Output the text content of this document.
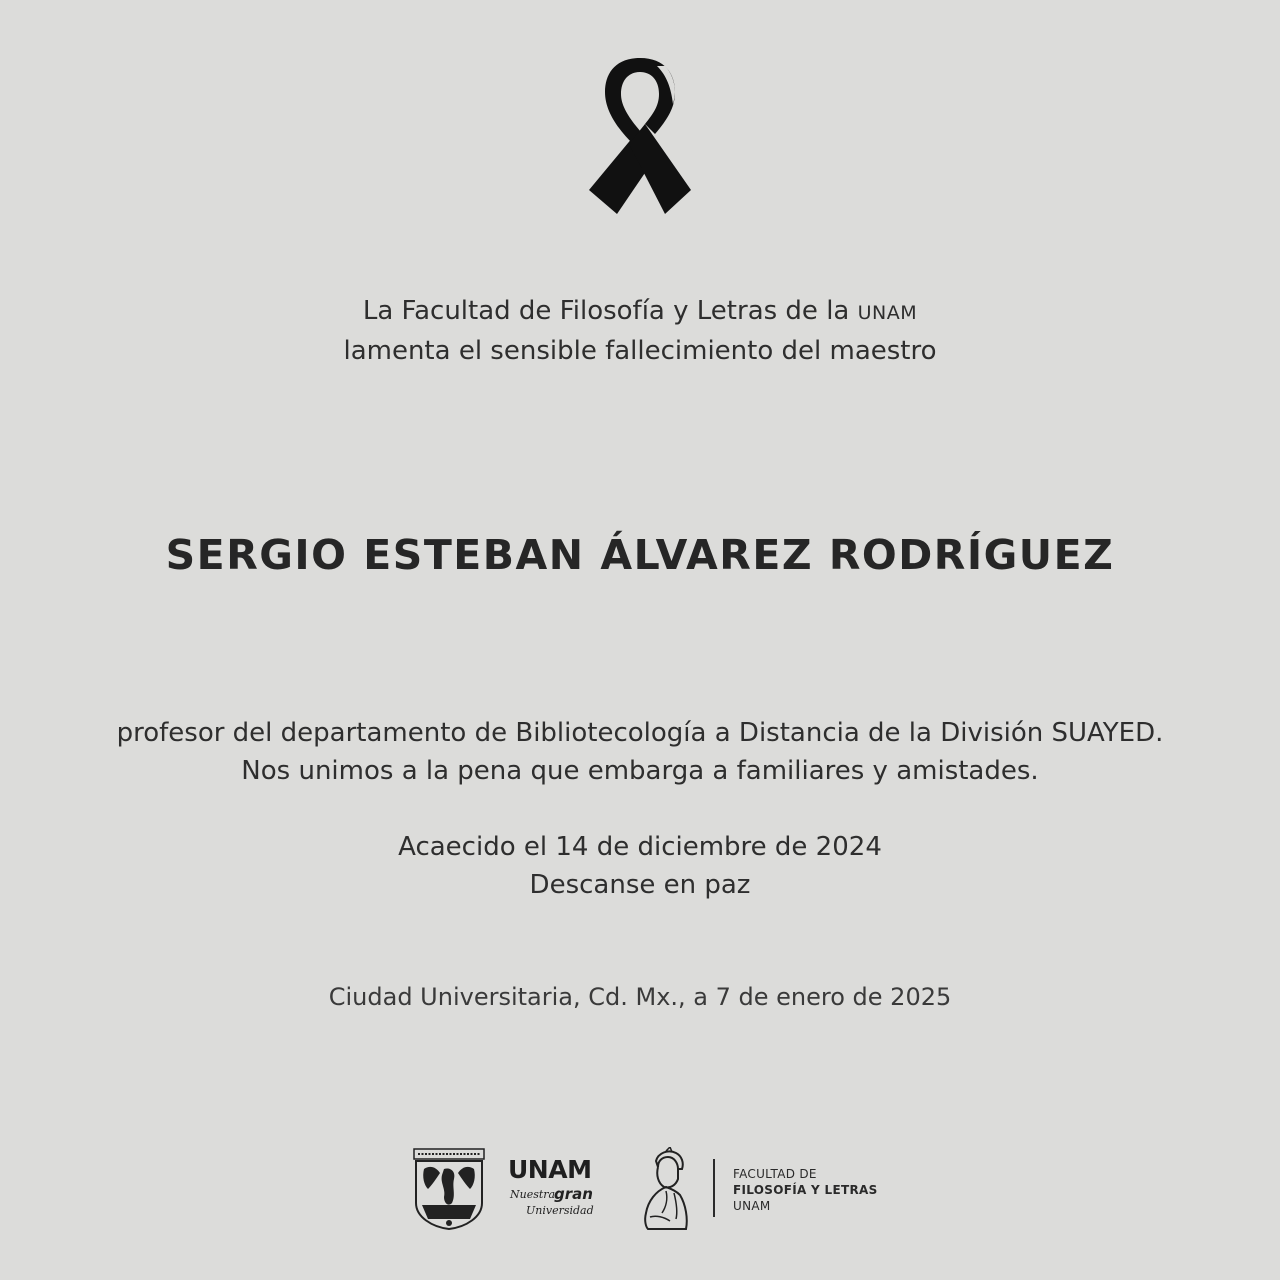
La Facultad de Filosofía y Letras de la UNAM
lamenta el sensible fallecimiento del maestro
SERGIO ESTEBAN ÁLVAREZ RODRÍGUEZ
profesor del departamento de Bibliotecología a Distancia de la División SUAYED.
Nos unimos a la pena que embarga a familiares y amistades.
Acaecido el 14 de diciembre de 2024
Descanse en paz
Ciudad Universitaria, Cd. Mx., a 7 de enero de 2025
UNAM
Nuestra
gran
Universidad
FACULTAD DE
FILOSOFÍA Y LETRAS
UNAM
